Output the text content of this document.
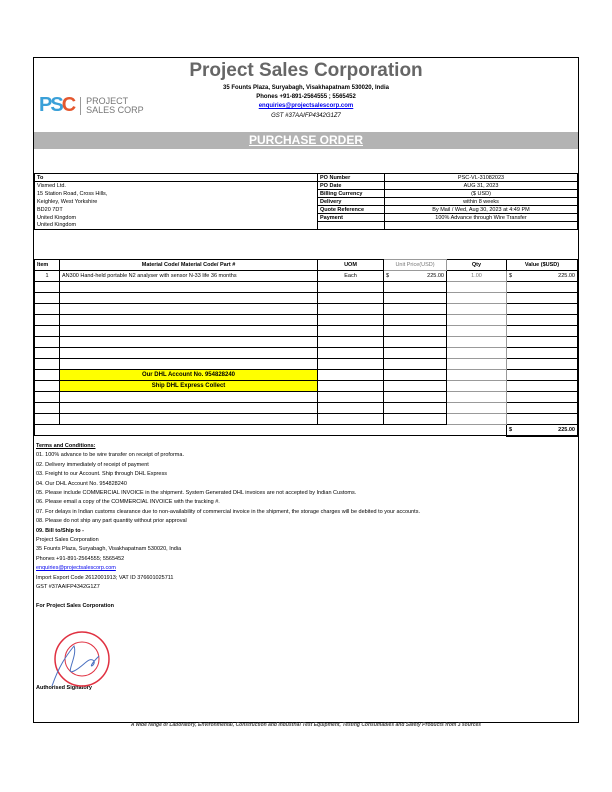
Project Sales Corporation
35 Founts Plaza, Suryabagh, Visakhapatnam 530020, India
Phones +91-891-2564555 ; 5565452
enquiries@projectsalescorp.com
GST #37AAIFP4342G1Z7
PSC PROJECT
SALES CORP
PURCHASE ORDER
To	PO Number	PSC-VL-31082023
Vismed Ltd.	PO Date	AUG 31, 2023
15 Station Road, Cross Hills,	Billing Currency	($ USD)
Keighley, West Yorkshire	Delivery	within 8 weeks
BD20 7DT	Quote Reference	By Mail / Wed, Aug 30, 2023 at 4:49 PM
United Kingdom	Payment	100% Advance through Wire Transfer
United Kingdom		
Item	Material Code/ Material Code/ Part #	UOM	Unit Price(USD)	Qty	Value ($USD)
1	AN300 Hand-held portable N2 analyser with sensor N-33 life 36 months	Each	$ 225.00	1.00	$ 225.00

	Our DHL Account No. 954828240				
	Ship DHL Express Collect				

					$ 225.00
Terms and Conditions:
01. 100% advance to be wire transfer on receipt of proforma.
02. Delivery immediately of receipt of payment
03. Freight to our Account. Ship through DHL Express
04. Our DHL Account No. 954828240
05. Please include COMMERCIAL INVOICE in the shipment. System Generated DHL invoices are not accepted by Indian Customs.
06. Please email a copy of the COMMERCIAL INVOICE with the tracking #.
07. For delays in Indian customs clearance due to non-availability of commercial invoice in the shipment, the storage charges will be debited to your accounts.
08. Please do not ship any part quantity without prior approval
09. Bill to/Ship to -
Project Sales Corporation
35 Founts Plaza, Suryabagh, Visakhapatnam 530020, India
Phones +91-891-2564555; 5565452
enquiries@projectsalescorp.com
Import Export Code 2612001913; VAT ID 376601025711
GST #37AAIFP4342G1Z7
For Project Sales Corporation
Authorised Signatory
A wide range of Laboratory, Environmental, Construction and Industrial Test Equipment, Testing Consumables and Safety Products from 3 sources
